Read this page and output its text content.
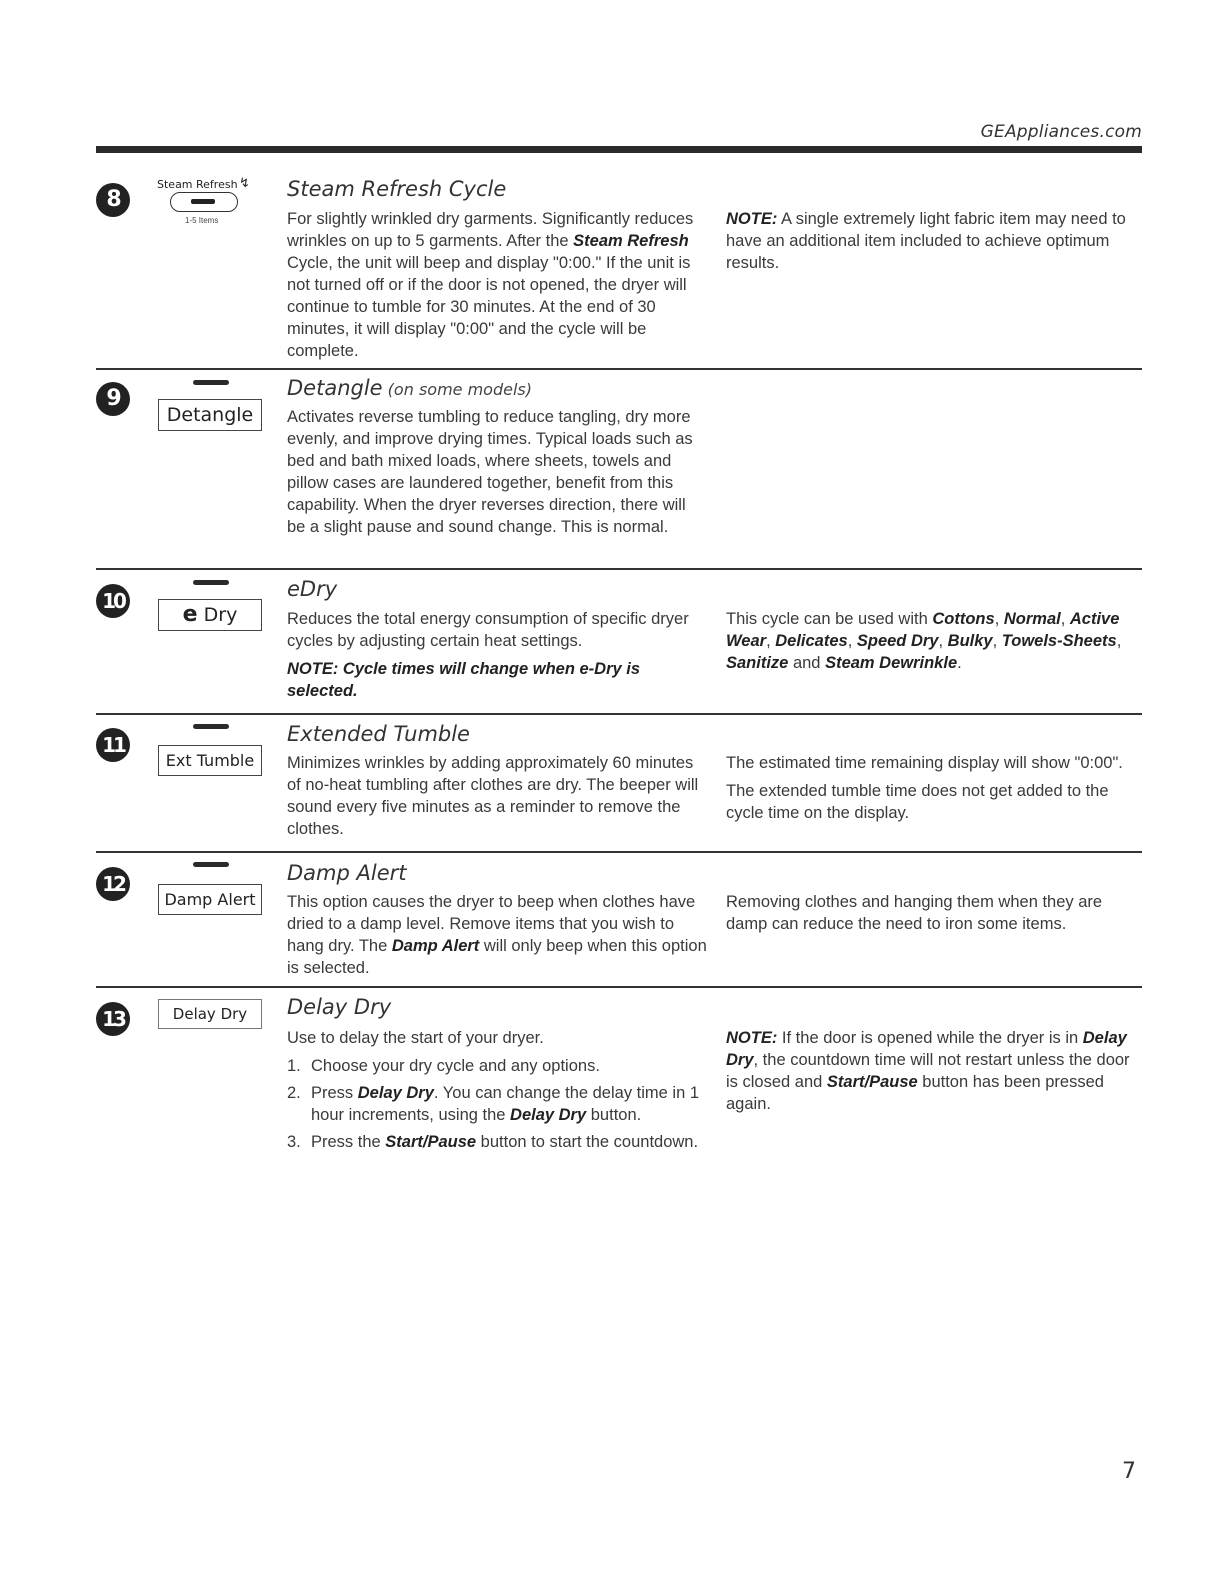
GEAppliances.com
8
Steam Refresh ↯
1-5 Items
Steam Refresh Cycle

For slightly wrinkled dry garments. Significantly reduces wrinkles on up to 5 garments. After the Steam Refresh Cycle, the unit will beep and display "0:00." If the unit is not turned off or if the door is not opened, the dryer will continue to tumble for 30 minutes. At the end of 30 minutes, it will display "0:00" and the cycle will be complete.

NOTE: A single extremely light fabric item may need to have an additional item included to achieve optimum results.

9
Detangle
Detangle (on some models)

Activates reverse tumbling to reduce tangling, dry more evenly, and improve drying times. Typical loads such as bed and bath mixed loads, where sheets, towels and pillow cases are laundered together, benefit from this capability. When the dryer reverses direction, there will be a slight pause and sound change. This is normal.

10
e Dry
eDry

Reduces the total energy consumption of specific dryer cycles by adjusting certain heat settings.

NOTE: Cycle times will change when e-Dry is selected.

This cycle can be used with Cottons, Normal, Active Wear, Delicates, Speed Dry, Bulky, Towels-Sheets, Sanitize and Steam Dewrinkle.

11
Ext Tumble
Extended Tumble

Minimizes wrinkles by adding approximately 60 minutes of no-heat tumbling after clothes are dry. The beeper will sound every five minutes as a reminder to remove the clothes.

The estimated time remaining display will show "0:00".

The extended tumble time does not get added to the cycle time on the display.

12
Damp Alert
Damp Alert

This option causes the dryer to beep when clothes have dried to a damp level. Remove items that you wish to hang dry. The Damp Alert will only beep when this option is selected.

Removing clothes and hanging them when they are damp can reduce the need to iron some items.

13	Delay Dry	Delay Dry

Use to delay the start of your dryer.

1. Choose your dry cycle and any options.
2. Press Delay Dry. You can change the delay time in 1 hour increments, using the Delay Dry button.
3. Press the Start/Pause button to start the countdown.

NOTE: If the door is opened while the dryer is in Delay Dry, the countdown time will not restart unless the door is closed and Start/Pause button has been pressed again.

7
